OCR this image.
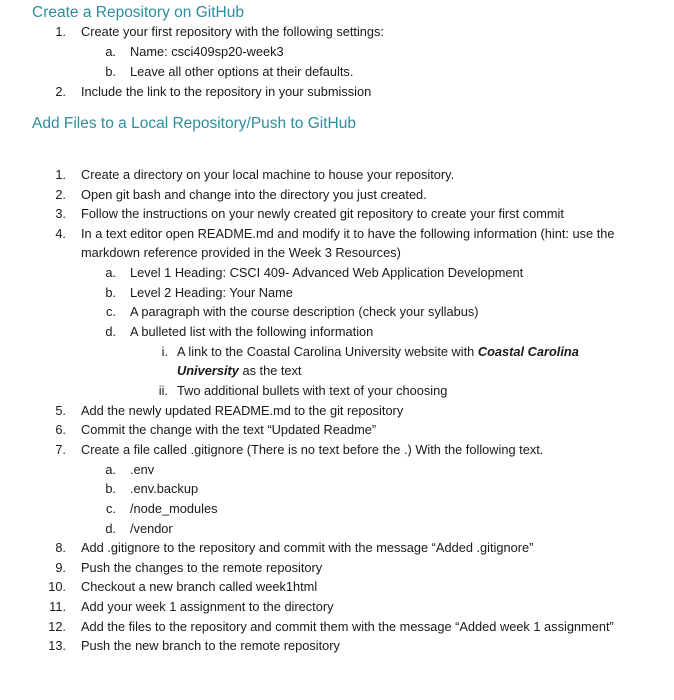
Create a Repository on GitHub
1. Create your first repository with the following settings:
a. Name: csci409sp20-week3
b. Leave all other options at their defaults.
2. Include the link to the repository in your submission
Add Files to a Local Repository/Push to GitHub
1. Create a directory on your local machine to house your repository.
2. Open git bash and change into the directory you just created.
3. Follow the instructions on your newly created git repository to create your first commit
4. In a text editor open README.md and modify it to have the following information (hint: use the
markdown reference provided in the Week 3 Resources)
a. Level 1 Heading: CSCI 409- Advanced Web Application Development
b. Level 2 Heading: Your Name
c. A paragraph with the course description (check your syllabus)
d. A bulleted list with the following information
i. A link to the Coastal Carolina University website with Coastal Carolina
University as the text
ii. Two additional bullets with text of your choosing
5. Add the newly updated README.md to the git repository
6. Commit the change with the text “Updated Readme”
7. Create a file called .gitignore (There is no text before the .) With the following text.
a. .env
b. .env.backup
c. /node_modules
d. /vendor
8. Add .gitignore to the repository and commit with the message “Added .gitignore”
9. Push the changes to the remote repository
10. Checkout a new branch called week1html
11. Add your week 1 assignment to the directory
12. Add the files to the repository and commit them with the message “Added week 1 assignment”
13. Push the new branch to the remote repository
